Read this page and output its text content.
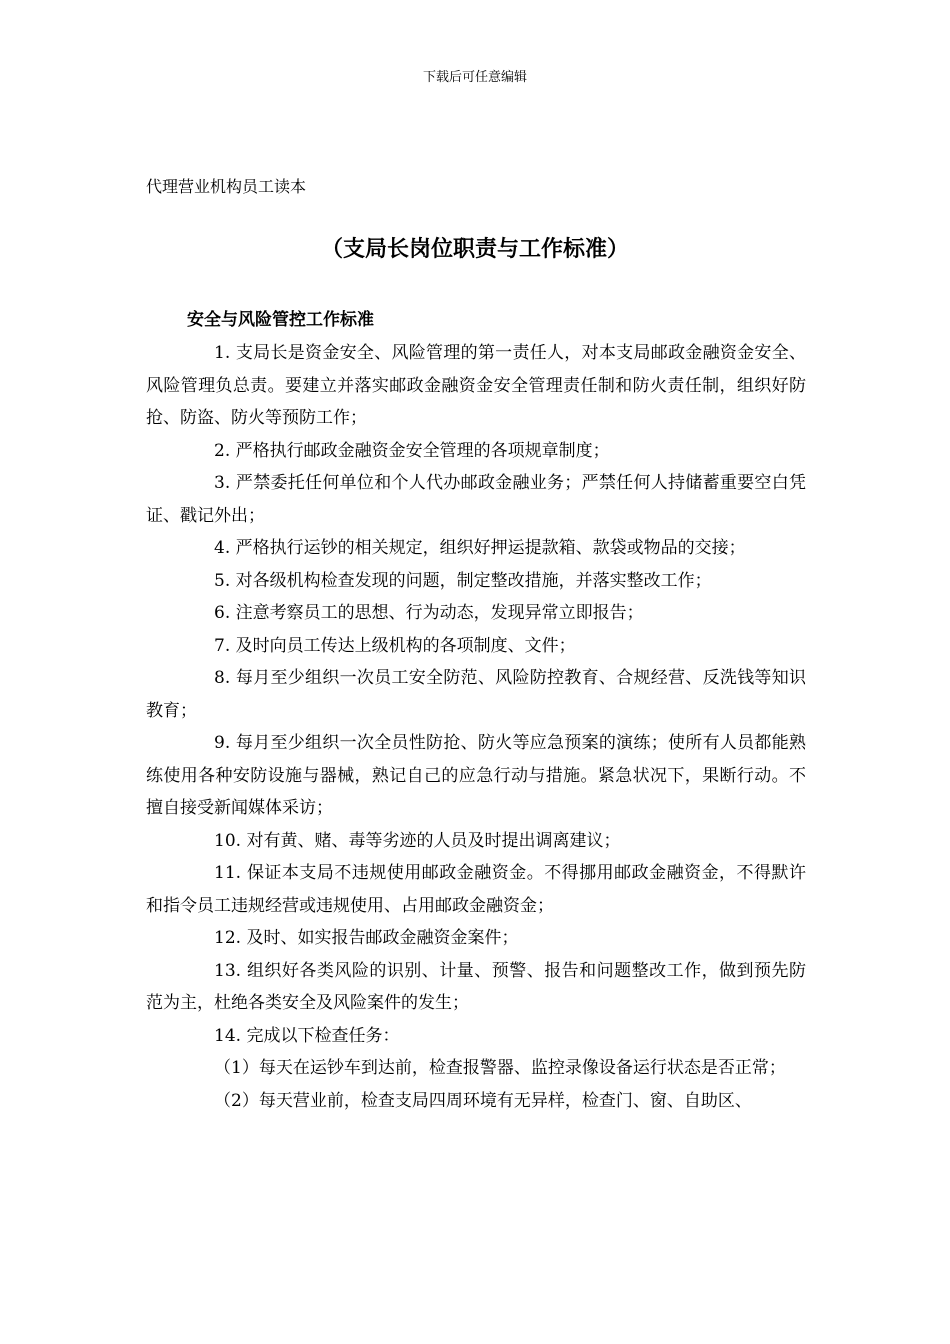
下载后可任意编辑
代理营业机构员工读本
（支局长岗位职责与工作标准）
安全与风险管控工作标准

1. 支局长是资金安全、风险管理的第一责任人，对本支局邮政金融资金安全、风险管理负总责。要建立并落实邮政金融资金安全管理责任制和防火责任制，组织好防抢、防盗、防火等预防工作；

2. 严格执行邮政金融资金安全管理的各项规章制度；

3. 严禁委托任何单位和个人代办邮政金融业务；严禁任何人持储蓄重要空白凭证、戳记外出；

4. 严格执行运钞的相关规定，组织好押运提款箱、款袋或物品的交接；

5. 对各级机构检查发现的问题，制定整改措施，并落实整改工作；

6. 注意考察员工的思想、行为动态，发现异常立即报告；

7. 及时向员工传达上级机构的各项制度、文件；

8. 每月至少组织一次员工安全防范、风险防控教育、合规经营、反洗钱等知识教育；

9. 每月至少组织一次全员性防抢、防火等应急预案的演练；使所有人员都能熟练使用各种安防设施与器械，熟记自己的应急行动与措施。紧急状况下，果断行动。不擅自接受新闻媒体采访；

10. 对有黄、赌、毒等劣迹的人员及时提出调离建议；

11. 保证本支局不违规使用邮政金融资金。不得挪用邮政金融资金，不得默许和指令员工违规经营或违规使用、占用邮政金融资金；

12. 及时、如实报告邮政金融资金案件；

13. 组织好各类风险的识别、计量、预警、报告和问题整改工作，做到预先防范为主，杜绝各类安全及风险案件的发生；

14. 完成以下检查任务：

（1）每天在运钞车到达前，检查报警器、监控录像设备运行状态是否正常；

（2）每天营业前，检查支局四周环境有无异样，检查门、窗、自助区、
